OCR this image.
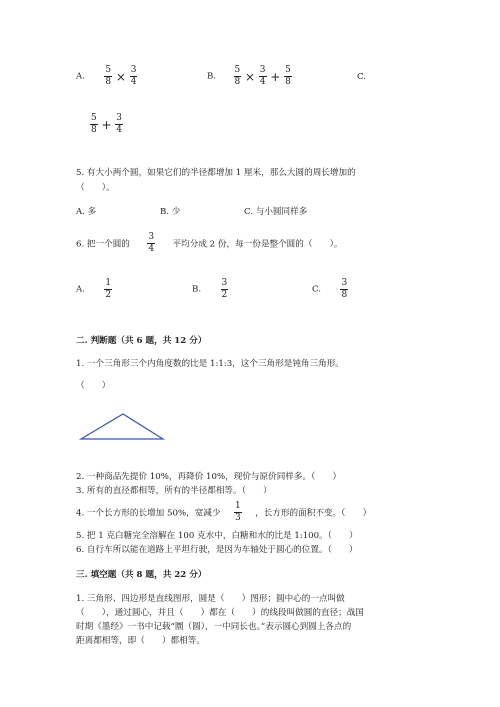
A. $\frac{5}{8} \times \frac{3}{4}$	B. $\frac{5}{8} \times \frac{3}{4} + \frac{5}{8}$	C.
$\frac{5}{8} + \frac{3}{4}$
5. 有大小两个圆，如果它们的半径都增加 1 厘米，那么大圆的周长增加的
（　　）。
A. 多	B. 少	C. 与小圆同样多
6. 把一个圆的 $\frac{3}{4}$ 平均分成 2 份，每一份是整个圆的（　　）。
A. $\frac{1}{2}$	B. $\frac{3}{2}$	C. $\frac{3}{8}$
二. 判断题（共 6 题，共 12 分）
1. 一个三角形三个内角度数的比是 1:1:3，这个三角形是钝角三角形。
（　　）
2. 一种商品先提价 10%，再降价 10%，现价与原价同样多。（　　）
3. 所有的直径都相等，所有的半径都相等。（　　）
4. 一个长方形的长增加 50%，宽减少 $\frac{1}{3}$ ，长方形的面积不变。（　　）
5. 把 1 克白糖完全溶解在 100 克水中，白糖和水的比是 1:100。（　　）
6. 自行车所以能在道路上平坦行驶，是因为车轴处于圆心的位置。（　　）
三. 填空题（共 8 题，共 22 分）
1. 三角形、四边形是直线图形，圆是（　　）图形；圆中心的一点叫做
（　　），通过圆心，并且（　　）都在（　　）的线段叫做圆的直径；战国
时期《墨经》一书中记载“圜（圆），一中同长也。”表示圆心到圆上各点的
距离都相等，即（　　）都相等。
